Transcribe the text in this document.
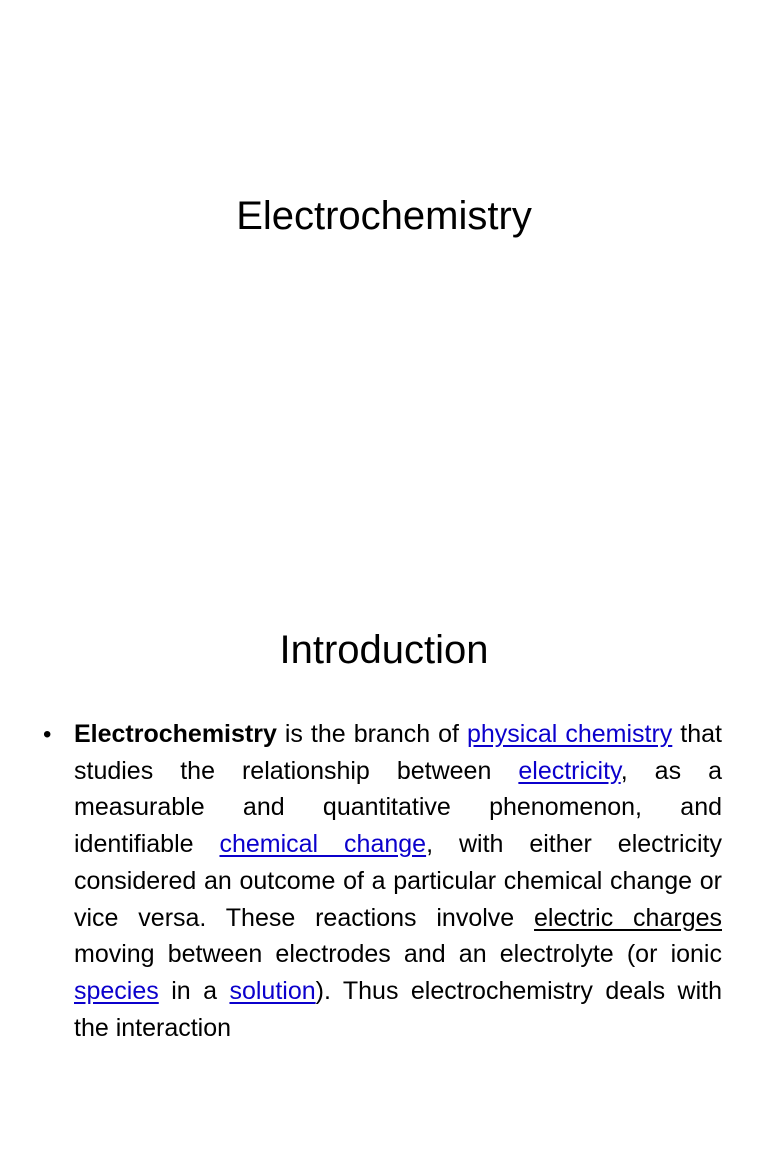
Electrochemistry
Introduction
• Electrochemistry is the branch of physical chemistry that studies the relationship between electricity, as a measurable and quantitative phenomenon, and identifiable chemical change, with either electricity considered an outcome of a particular chemical change or vice versa. These reactions involve electric charges moving between electrodes and an electrolyte (or ionic species in a solution). Thus electrochemistry deals with the interaction
